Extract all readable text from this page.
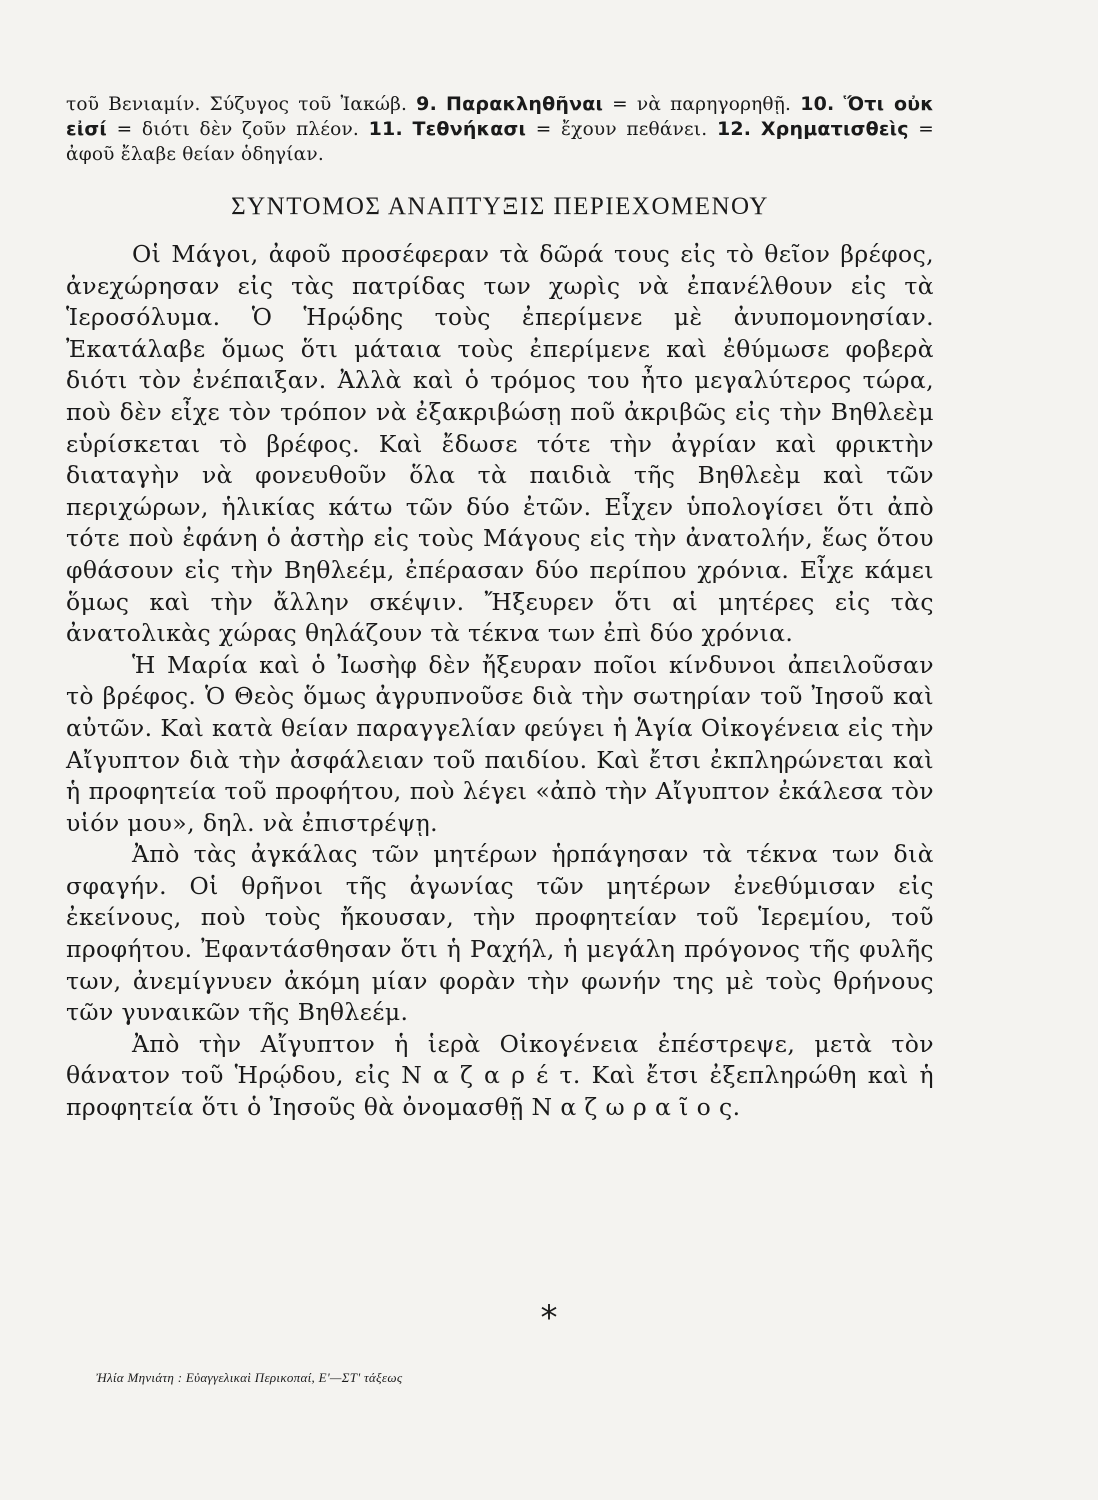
τοῦ Βενιαμίν. Σύζυγος τοῦ Ἰακώβ. 9. Παρακληθῆναι = νὰ παρηγορηθῇ. 10. Ὅτι οὐκ εἰσί = διότι δὲν ζοῦν πλέον. 11. Τεθνήκασι = ἔχουν πεθάνει. 12. Χρηματισθεὶς = ἀφοῦ ἔλαβε θείαν ὁδηγίαν.
ΣΥΝΤΟΜΟΣ ΑΝΑΠΤΥΞΙΣ ΠΕΡΙΕΧΟΜΕΝΟΥ

Οἱ Μάγοι, ἀφοῦ προσέφεραν τὰ δῶρά τους εἰς τὸ θεῖον βρέφος, ἀνεχώρησαν εἰς τὰς πατρίδας των χωρὶς νὰ ἐπανέλθουν εἰς τὰ Ἱεροσόλυμα. Ὁ Ἡρῴδης τοὺς ἐπερίμενε μὲ ἀνυπομονησίαν. Ἐκατάλαβε ὅμως ὅτι μάταια τοὺς ἐπερίμενε καὶ ἐθύμωσε φοβερὰ διότι τὸν ἐνέπαιξαν. Ἀλλὰ καὶ ὁ τρόμος του ἦτο μεγαλύτερος τώρα, ποὺ δὲν εἶχε τὸν τρόπον νὰ ἐξακριβώσῃ ποῦ ἀκριβῶς εἰς τὴν Βηθλεὲμ εὑρίσκεται τὸ βρέφος. Καὶ ἔδωσε τότε τὴν ἀγρίαν καὶ φρικτὴν διαταγὴν νὰ φονευθοῦν ὅλα τὰ παιδιὰ τῆς Βηθλεὲμ καὶ τῶν περιχώρων, ἡλικίας κάτω τῶν δύο ἐτῶν. Εἶχεν ὑπολογίσει ὅτι ἀπὸ τότε ποὺ ἐφάνη ὁ ἀστὴρ εἰς τοὺς Μάγους εἰς τὴν ἀνατολήν, ἕως ὅτου φθάσουν εἰς τὴν Βηθλεέμ, ἐπέρασαν δύο περίπου χρόνια. Εἶχε κάμει ὅμως καὶ τὴν ἄλλην σκέψιν. Ἤξευρεν ὅτι αἱ μητέρες εἰς τὰς ἀνατολικὰς χώρας θηλάζουν τὰ τέκνα των ἐπὶ δύο χρόνια.

Ἡ Μαρία καὶ ὁ Ἰωσὴφ δὲν ἤξευραν ποῖοι κίνδυνοι ἀπειλοῦσαν τὸ βρέφος. Ὁ Θεὸς ὅμως ἀγρυπνοῦσε διὰ τὴν σωτηρίαν τοῦ Ἰησοῦ καὶ αὐτῶν. Καὶ κατὰ θείαν παραγγελίαν φεύγει ἡ Ἁγία Οἰκογένεια εἰς τὴν Αἴγυπτον διὰ τὴν ἀσφάλειαν τοῦ παιδίου. Καὶ ἔτσι ἐκπληρώνεται καὶ ἡ προφητεία τοῦ προφήτου, ποὺ λέγει «ἀπὸ τὴν Αἴγυπτον ἐκάλεσα τὸν υἱόν μου», δηλ. νὰ ἐπιστρέψῃ.

Ἀπὸ τὰς ἀγκάλας τῶν μητέρων ἡρπάγησαν τὰ τέκνα των διὰ σφαγήν. Οἱ θρῆνοι τῆς ἀγωνίας τῶν μητέρων ἐνεθύμισαν εἰς ἐκείνους, ποὺ τοὺς ἤκουσαν, τὴν προφητείαν τοῦ Ἱερεμίου, τοῦ προφήτου. Ἐφαντάσθησαν ὅτι ἡ Ραχήλ, ἡ μεγάλη πρόγονος τῆς φυλῆς των, ἀνεμίγνυεν ἀκόμη μίαν φορὰν τὴν φωνήν της μὲ τοὺς θρήνους τῶν γυναικῶν τῆς Βηθλεέμ.

Ἀπὸ τὴν Αἴγυπτον ἡ ἱερὰ Οἰκογένεια ἐπέστρεψε, μετὰ τὸν θάνατον τοῦ Ἡρῴδου, εἰς Ν α ζ α ρ έ τ. Καὶ ἔτσι ἐξεπληρώθη καὶ ἡ προφητεία ὅτι ὁ Ἰησοῦς θὰ ὀνομασθῇ Ν α ζ ω ρ α ῖ ο ς.

*
Ἠλία Μηνιάτη : Εὐαγγελικαὶ Περικοπαί, Ε'—ΣΤ' τάξεως
